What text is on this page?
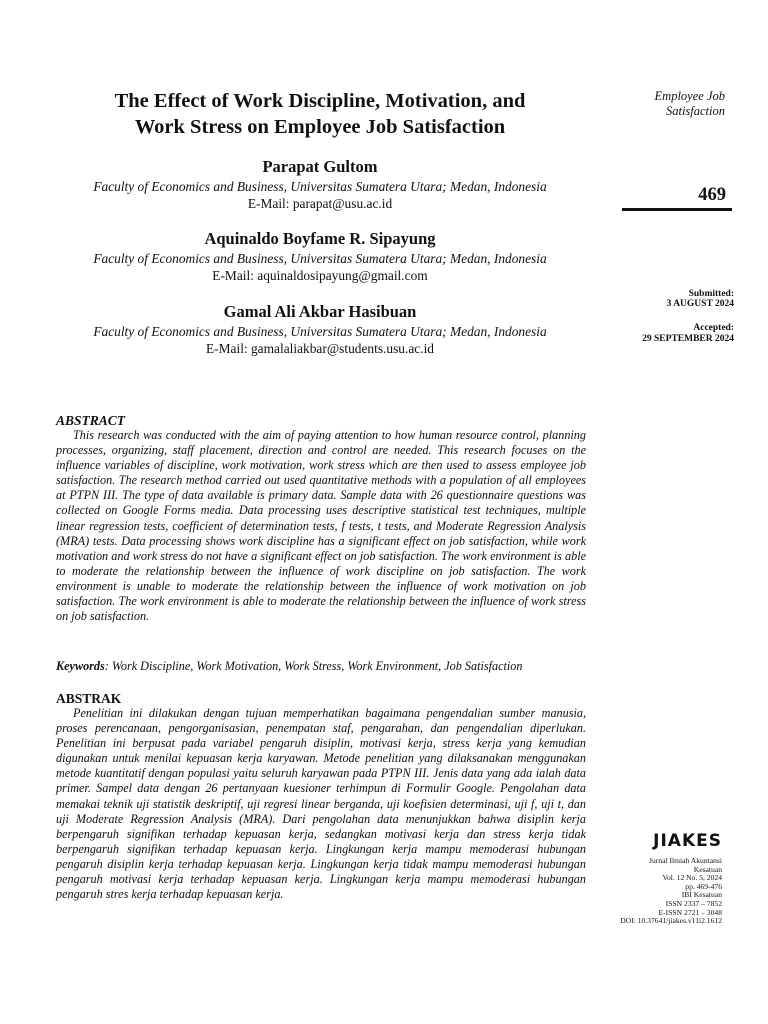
The Effect of Work Discipline, Motivation, and
Work Stress on Employee Job Satisfaction

Parapat Gultom

Faculty of Economics and Business, Universitas Sumatera Utara; Medan, Indonesia

E-Mail: parapat@usu.ac.id

Aquinaldo Boyfame R. Sipayung

Faculty of Economics and Business, Universitas Sumatera Utara; Medan, Indonesia

E-Mail: aquinaldosipayung@gmail.com

Gamal Ali Akbar Hasibuan

Faculty of Economics and Business, Universitas Sumatera Utara; Medan, Indonesia

E-Mail: gamalaliakbar@students.usu.ac.id

ABSTRACT

This research was conducted with the aim of paying attention to how human resource control, planning processes, organizing, staff placement, direction and control are needed. This research focuses on the influence variables of discipline, work motivation, work stress which are then used to assess employee job satisfaction. The research method carried out used quantitative methods with a population of all employees at PTPN III. The type of data available is primary data. Sample data with 26 questionnaire questions was collected on Google Forms media. Data processing uses descriptive statistical test techniques, multiple linear regression tests, coefficient of determination tests, f tests, t tests, and Moderate Regression Analysis (MRA) tests. Data processing shows work discipline has a significant effect on job satisfaction, while work motivation and work stress do not have a significant effect on job satisfaction. The work environment is able to moderate the relationship between the influence of work discipline on job satisfaction. The work environment is unable to moderate the relationship between the influence of work motivation on job satisfaction. The work environment is able to moderate the relationship between the influence of work stress on job satisfaction.

Keywords: Work Discipline, Work Motivation, Work Stress, Work Environment, Job Satisfaction

ABSTRAK

Penelitian ini dilakukan dengan tujuan memperhatikan bagaimana pengendalian sumber manusia, proses perencanaan, pengorganisasian, penempatan staf, pengarahan, dan pengendalian diperlukan. Penelitian ini berpusat pada variabel pengaruh disiplin, motivasi kerja, stress kerja yang kemudian digunakan untuk menilai kepuasan kerja karyawan. Metode penelitian yang dilaksanakan menggunakan metode kuantitatif dengan populasi yaitu seluruh karyawan pada PTPN III. Jenis data yang ada ialah data primer. Sampel data dengan 26 pertanyaan kuesioner terhimpun di Formulir Google. Pengolahan data memakai teknik uji statistik deskriptif, uji regresi linear berganda, uji koefisien determinasi, uji f, uji t, dan uji Moderate Regression Analysis (MRA). Dari pengolahan data menunjukkan bahwa disiplin kerja berpengaruh signifikan terhadap kepuasan kerja, sedangkan motivasi kerja dan stress kerja tidak berpengaruh signifikan terhadap kepuasan kerja. Lingkungan kerja mampu memoderasi hubungan pengaruh disiplin kerja terhadap kepuasan kerja. Lingkungan kerja tidak mampu memoderasi hubungan pengaruh motivasi kerja terhadap kepuasan kerja. Lingkungan kerja mampu memoderasi hubungan pengaruh stres kerja terhadap kepuasan kerja.

Employee Job
Satisfaction

469

Submitted:

3 AUGUST 2024

Accepted:

29 SEPTEMBER 2024

JIAKES

Jurnal Ilmiah Akuntansi
Kesatuan
Vol. 12 No. 5, 2024
pp. 469-476
IBI Kesatuan
ISSN 2337 – 7852
E-ISSN 2721 – 3048
DOI: 10.37641/jiakes.v11i2.1612
